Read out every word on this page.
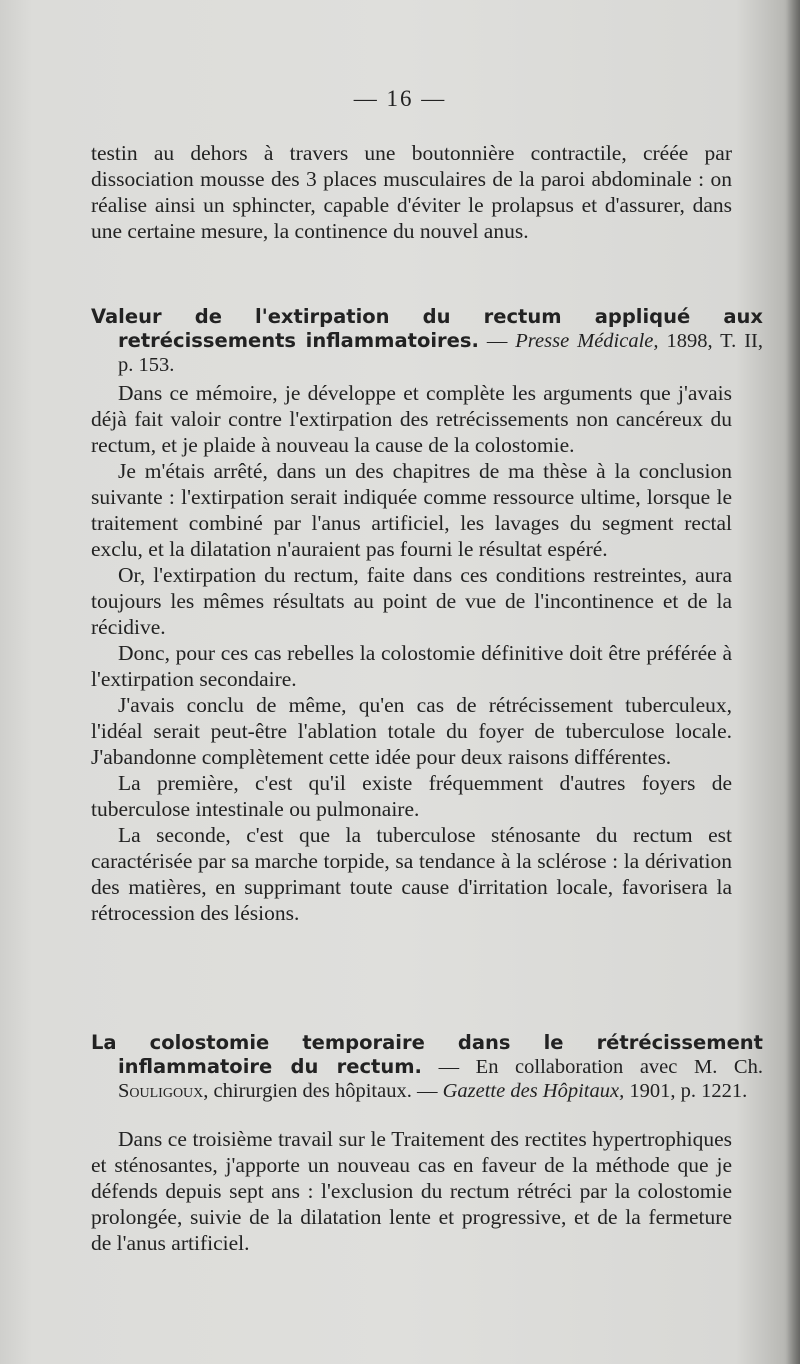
— 16 —

testin au dehors à travers une boutonnière contractile, créée par dissociation mousse des 3 places musculaires de la paroi abdominale : on réalise ainsi un sphincter, capable d'éviter le prolapsus et d'assurer, dans une certaine mesure, la continence du nouvel anus.

Valeur de l'extirpation du rectum appliqué aux retrécissements inflammatoires. — Presse Médicale, 1898, T. II, p. 153.

Dans ce mémoire, je développe et complète les arguments que j'avais déjà fait valoir contre l'extirpation des retrécissements non cancéreux du rectum, et je plaide à nouveau la cause de la colostomie.

Je m'étais arrêté, dans un des chapitres de ma thèse à la conclusion suivante : l'extirpation serait indiquée comme ressource ultime, lorsque le traitement combiné par l'anus artificiel, les lavages du segment rectal exclu, et la dilatation n'auraient pas fourni le résultat espéré.

Or, l'extirpation du rectum, faite dans ces conditions restreintes, aura toujours les mêmes résultats au point de vue de l'incontinence et de la récidive.

Donc, pour ces cas rebelles la colostomie définitive doit être préférée à l'extirpation secondaire.

J'avais conclu de même, qu'en cas de rétrécissement tuberculeux, l'idéal serait peut-être l'ablation totale du foyer de tuberculose locale. J'abandonne complètement cette idée pour deux raisons différentes.

La première, c'est qu'il existe fréquemment d'autres foyers de tuberculose intestinale ou pulmonaire.

La seconde, c'est que la tuberculose sténosante du rectum est caractérisée par sa marche torpide, sa tendance à la sclérose : la dérivation des matières, en supprimant toute cause d'irritation locale, favorisera la rétrocession des lésions.

La colostomie temporaire dans le rétrécissement inflammatoire du rectum. — En collaboration avec M. Ch. Souligoux, chirurgien des hôpitaux. — Gazette des Hôpitaux, 1901, p. 1221.

Dans ce troisième travail sur le Traitement des rectites hypertrophiques et sténosantes, j'apporte un nouveau cas en faveur de la méthode que je défends depuis sept ans : l'exclusion du rectum rétréci par la colostomie prolongée, suivie de la dilatation lente et progressive, et de la fermeture de l'anus artificiel.
